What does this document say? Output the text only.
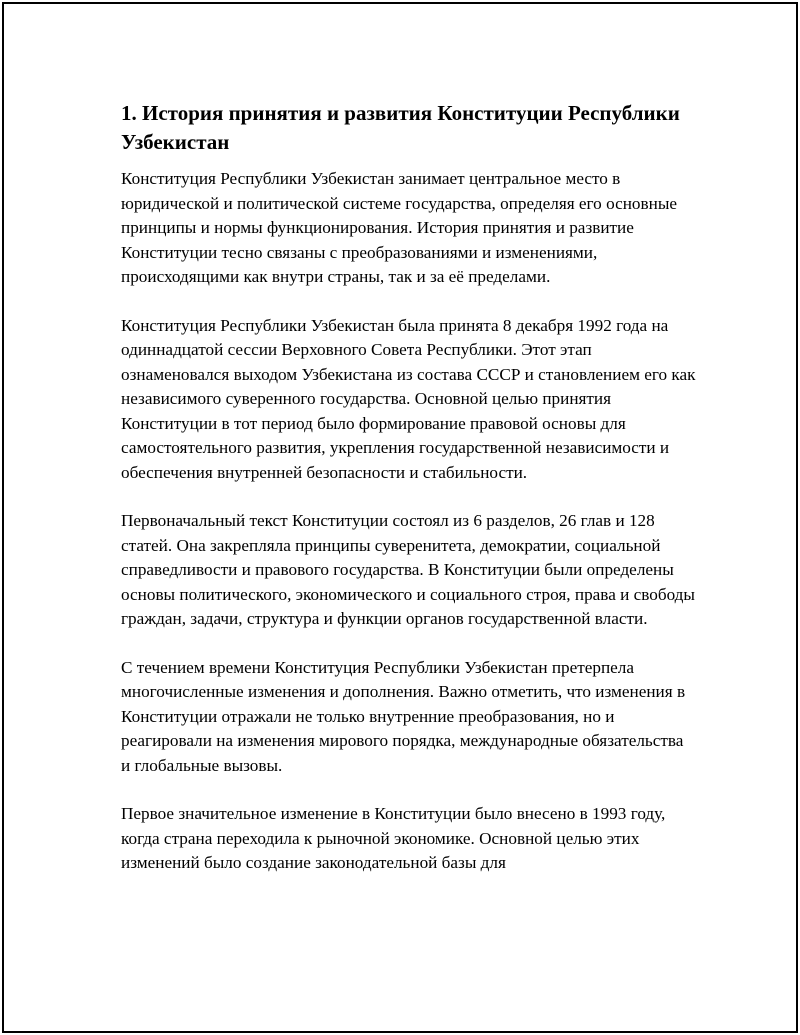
1. История принятия и развития Конституции Республики Узбекистан

Конституция Республики Узбекистан занимает центральное место в юридической и политической системе государства, определяя его основные принципы и нормы функционирования. История принятия и развитие Конституции тесно связаны с преобразованиями и изменениями, происходящими как внутри страны, так и за её пределами.

Конституция Республики Узбекистан была принята 8 декабря 1992 года на одиннадцатой сессии Верховного Совета Республики. Этот этап ознаменовался выходом Узбекистана из состава СССР и становлением его как независимого суверенного государства. Основной целью принятия Конституции в тот период было формирование правовой основы для самостоятельного развития, укрепления государственной независимости и обеспечения внутренней безопасности и стабильности.

Первоначальный текст Конституции состоял из 6 разделов, 26 глав и 128 статей. Она закрепляла принципы суверенитета, демократии, социальной справедливости и правового государства. В Конституции были определены основы политического, экономического и социального строя, права и свободы граждан, задачи, структура и функции органов государственной власти.

С течением времени Конституция Республики Узбекистан претерпела многочисленные изменения и дополнения. Важно отметить, что изменения в Конституции отражали не только внутренние преобразования, но и реагировали на изменения мирового порядка, международные обязательства и глобальные вызовы.

Первое значительное изменение в Конституции было внесено в 1993 году, когда страна переходила к рыночной экономике. Основной целью этих изменений было создание законодательной базы для
